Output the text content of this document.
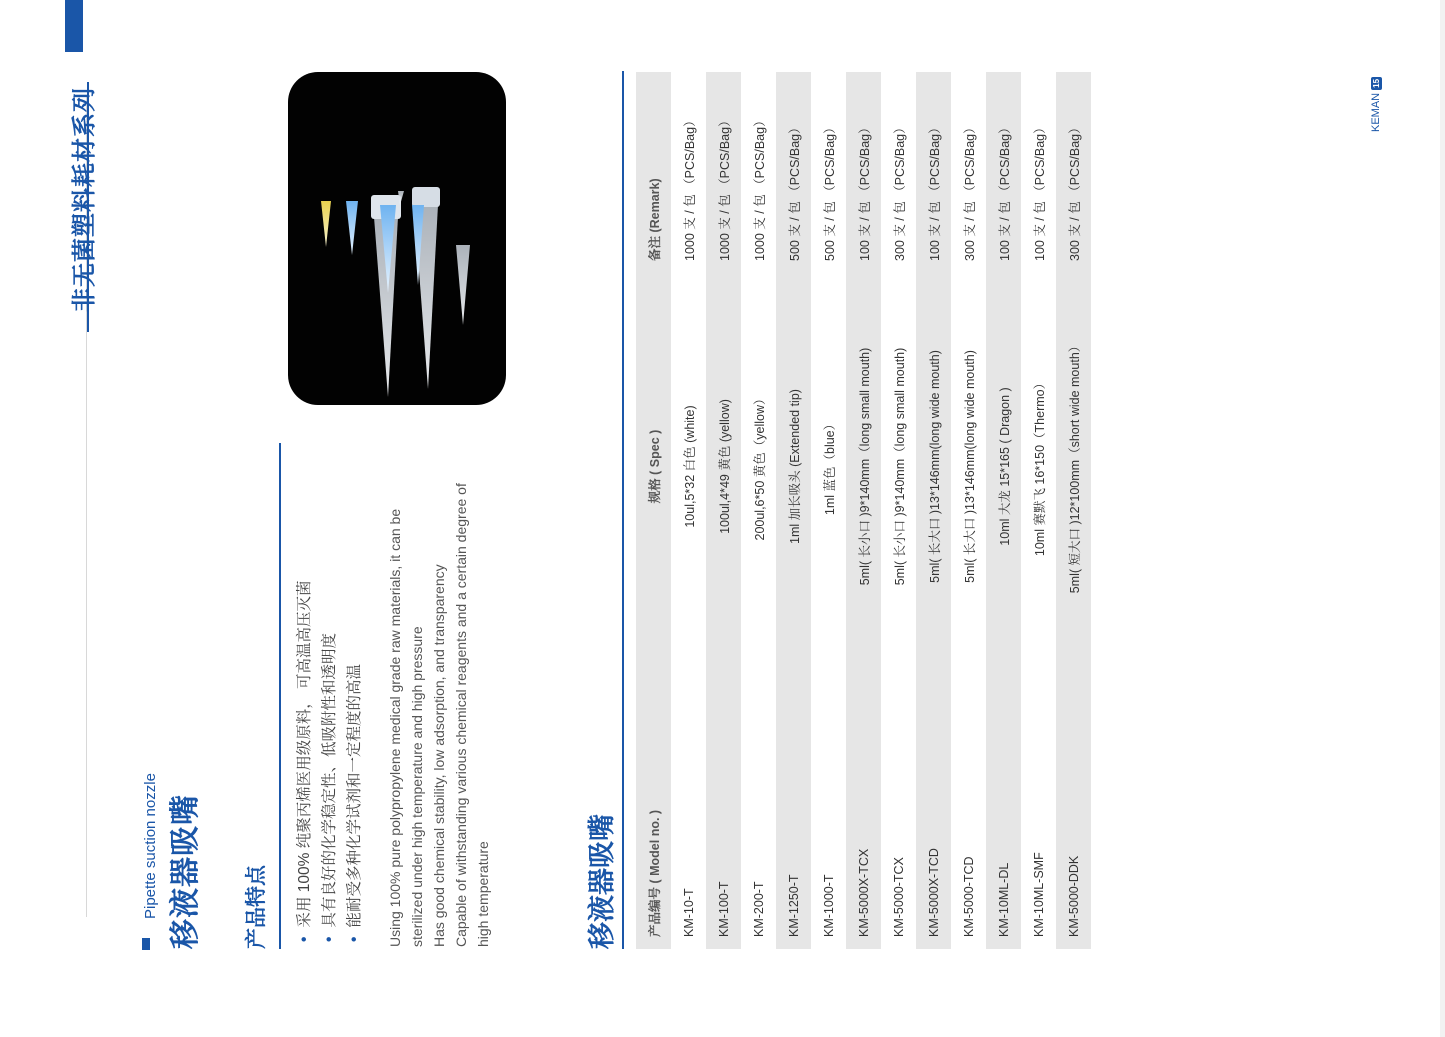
非无菌塑料耗材系列	KEMAN
15
Pipette suction nozzle 移液器吸嘴 产品特点 • 采用 100% 纯聚丙烯医用级原料， 可高温高压灭菌 • 具有良好的化学稳定性、低吸附性和透明度 • 能耐受多种化学试剂和一定程度的高温 Using 100% pure polypropylene medical grade raw materials, it can be sterilized under high temperature and high pressure Has good chemical stability, low adsorption, and transparency Capable of withstanding various chemical reagents and a certain degree of high temperature	移液器吸嘴 产品编号 ( Model no. )
规格 ( Spec )
备注 (Remark)
KM-10-T
10ul,5*32 白色 (white)
1000 支 / 包 （PCS/Bag）
KM-100-T
100ul,4*49 黄色 (yellow)
1000 支 / 包 （PCS/Bag）
KM-200-T
200ul,6*50 黄色（yellow）
1000 支 / 包 （PCS/Bag）
KM-1250-T
1ml 加长吸头 (Extended tip)
500 支 / 包 （PCS/Bag）
KM-1000-T
1ml 蓝色（blue）
500 支 / 包 （PCS/Bag）
KM-5000X-TCX
5ml( 长小口 )9*140mm（long small mouth)
100 支 / 包 （PCS/Bag）
KM-5000-TCX
5ml( 长小口 )9*140mm（long small mouth)
300 支 / 包 （PCS/Bag）
KM-5000X-TCD
5ml( 长大口 )13*146mm(long wide mouth)
100 支 / 包 （PCS/Bag）
KM-5000-TCD
5ml( 长大口 )13*146mm(long wide mouth)
300 支 / 包 （PCS/Bag）
KM-10ML-DL
10ml 大龙 15*165 ( Dragon )
100 支 / 包 （PCS/Bag）
KM-10ML-SMF
10ml 赛默飞 16*150（Thermo）
100 支 / 包 （PCS/Bag）
KM-5000-DDK
5ml( 短大口 )12*100mm（short wide mouth）
300 支 / 包 （PCS/Bag）
